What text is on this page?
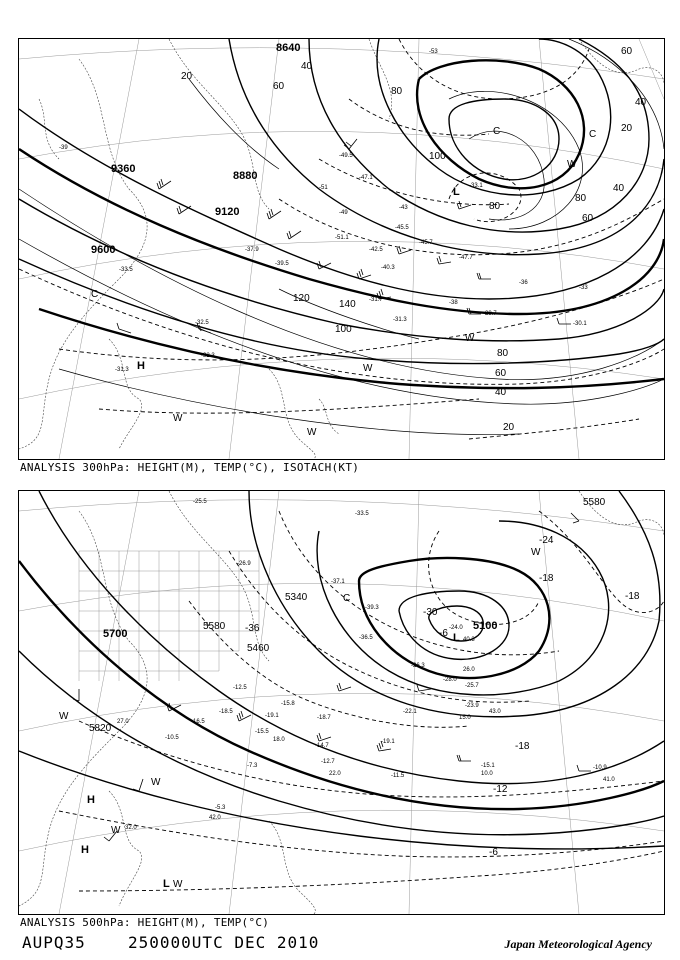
8640
8880
9120
9360
9600
20
40
60	80
100
120
140
80
60
40
20
40
60
80
100
20
40
60
80
-51
-49
-47.1
-45.5
-45.7
-47.7
-42.5
-40.3
-39
-38
-36
-33
-31.7
-31.3
-29.7
-30.1
-32.5
-32.3
-31.3
-37.9
-39.5
-43
-49.5
-51.1
-53
-33.1
-33.5
C	C
C
W
W
W
W
W
L
H
ANALYSIS 300hPa: HEIGHT(M), TEMP(°C), ISOTACH(KT)
5100
5340
5460
5580
5700
5820
5580
-36
-30
-24
-18
-12
-6
-18
-6
-18
-33.5
-25.5
-26.9
-37.1
-39.3
-36.5
-24.0
-26.3
-28.0
-25.7
-23.9
-22.1
-19.1
-18.7
-15.5
-14.7
-12.7
-11.5
-15.1
-10.5
-7.3
-5.3
-19.1
-18.5
-16.5
-12.5
-15.8
-10.9
42.0
41.0
32.0
22.0
27.0
18.0
10.0
40.3
43.0
26.0
15.0
C
W
W
W
W
W
L
L
H
H
ANALYSIS 500hPa: HEIGHT(M), TEMP(°C)
AUPQ35	250000UTC DEC 2010	Japan Meteorological Agency
